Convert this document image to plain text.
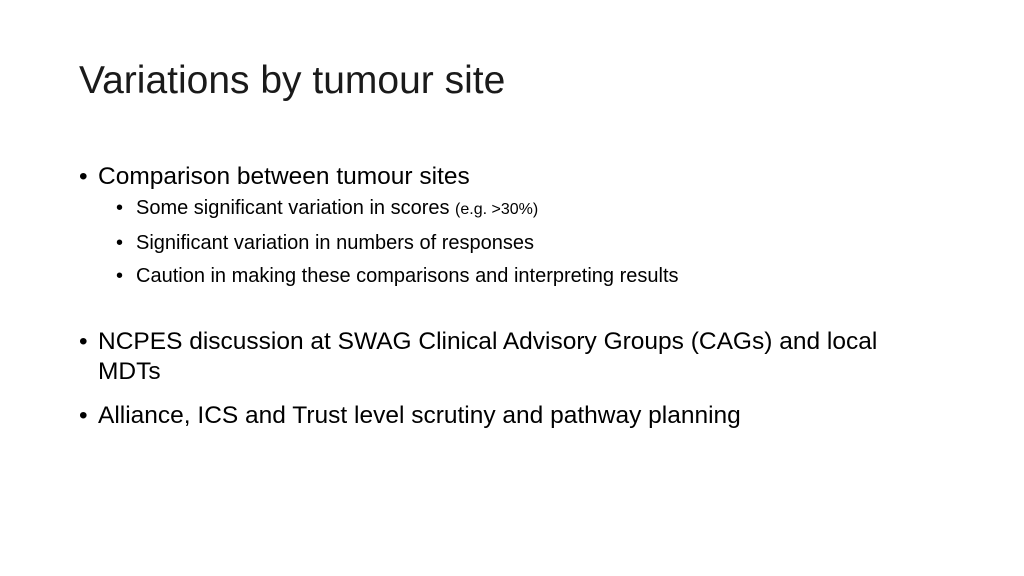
Variations by tumour site
• Comparison between tumour sites
• Some significant variation in scores (e.g. >30%)
• Significant variation in numbers of responses
• Caution in making these comparisons and interpreting results
• NCPES discussion at SWAG Clinical Advisory Groups (CAGs) and local MDTs
• Alliance, ICS and Trust level scrutiny and pathway planning
